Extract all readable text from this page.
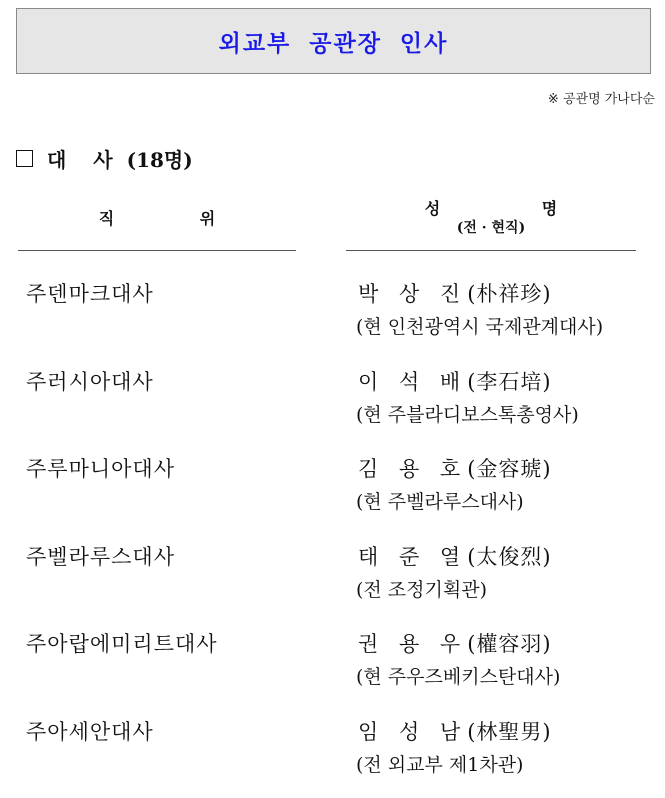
외교부 공관장 인사
※ 공관명 가나다순
대 사 (18명)
직 위
성 명
(전 · 현직)
주덴마크대사	박 상 진(朴祥珍)
(현 인천광역시 국제관계대사)
주러시아대사	이 석 배(李石培)
(현 주블라디보스톡총영사)
주루마니아대사	김 용 호(金容琥)
(현 주벨라루스대사)
주벨라루스대사	태 준 열(太俊烈)
(전 조정기획관)
주아랍에미리트대사	권 용 우(權容羽)
(현 주우즈베키스탄대사)
주아세안대사	임 성 남(林聖男)
(전 외교부 제1차관)
